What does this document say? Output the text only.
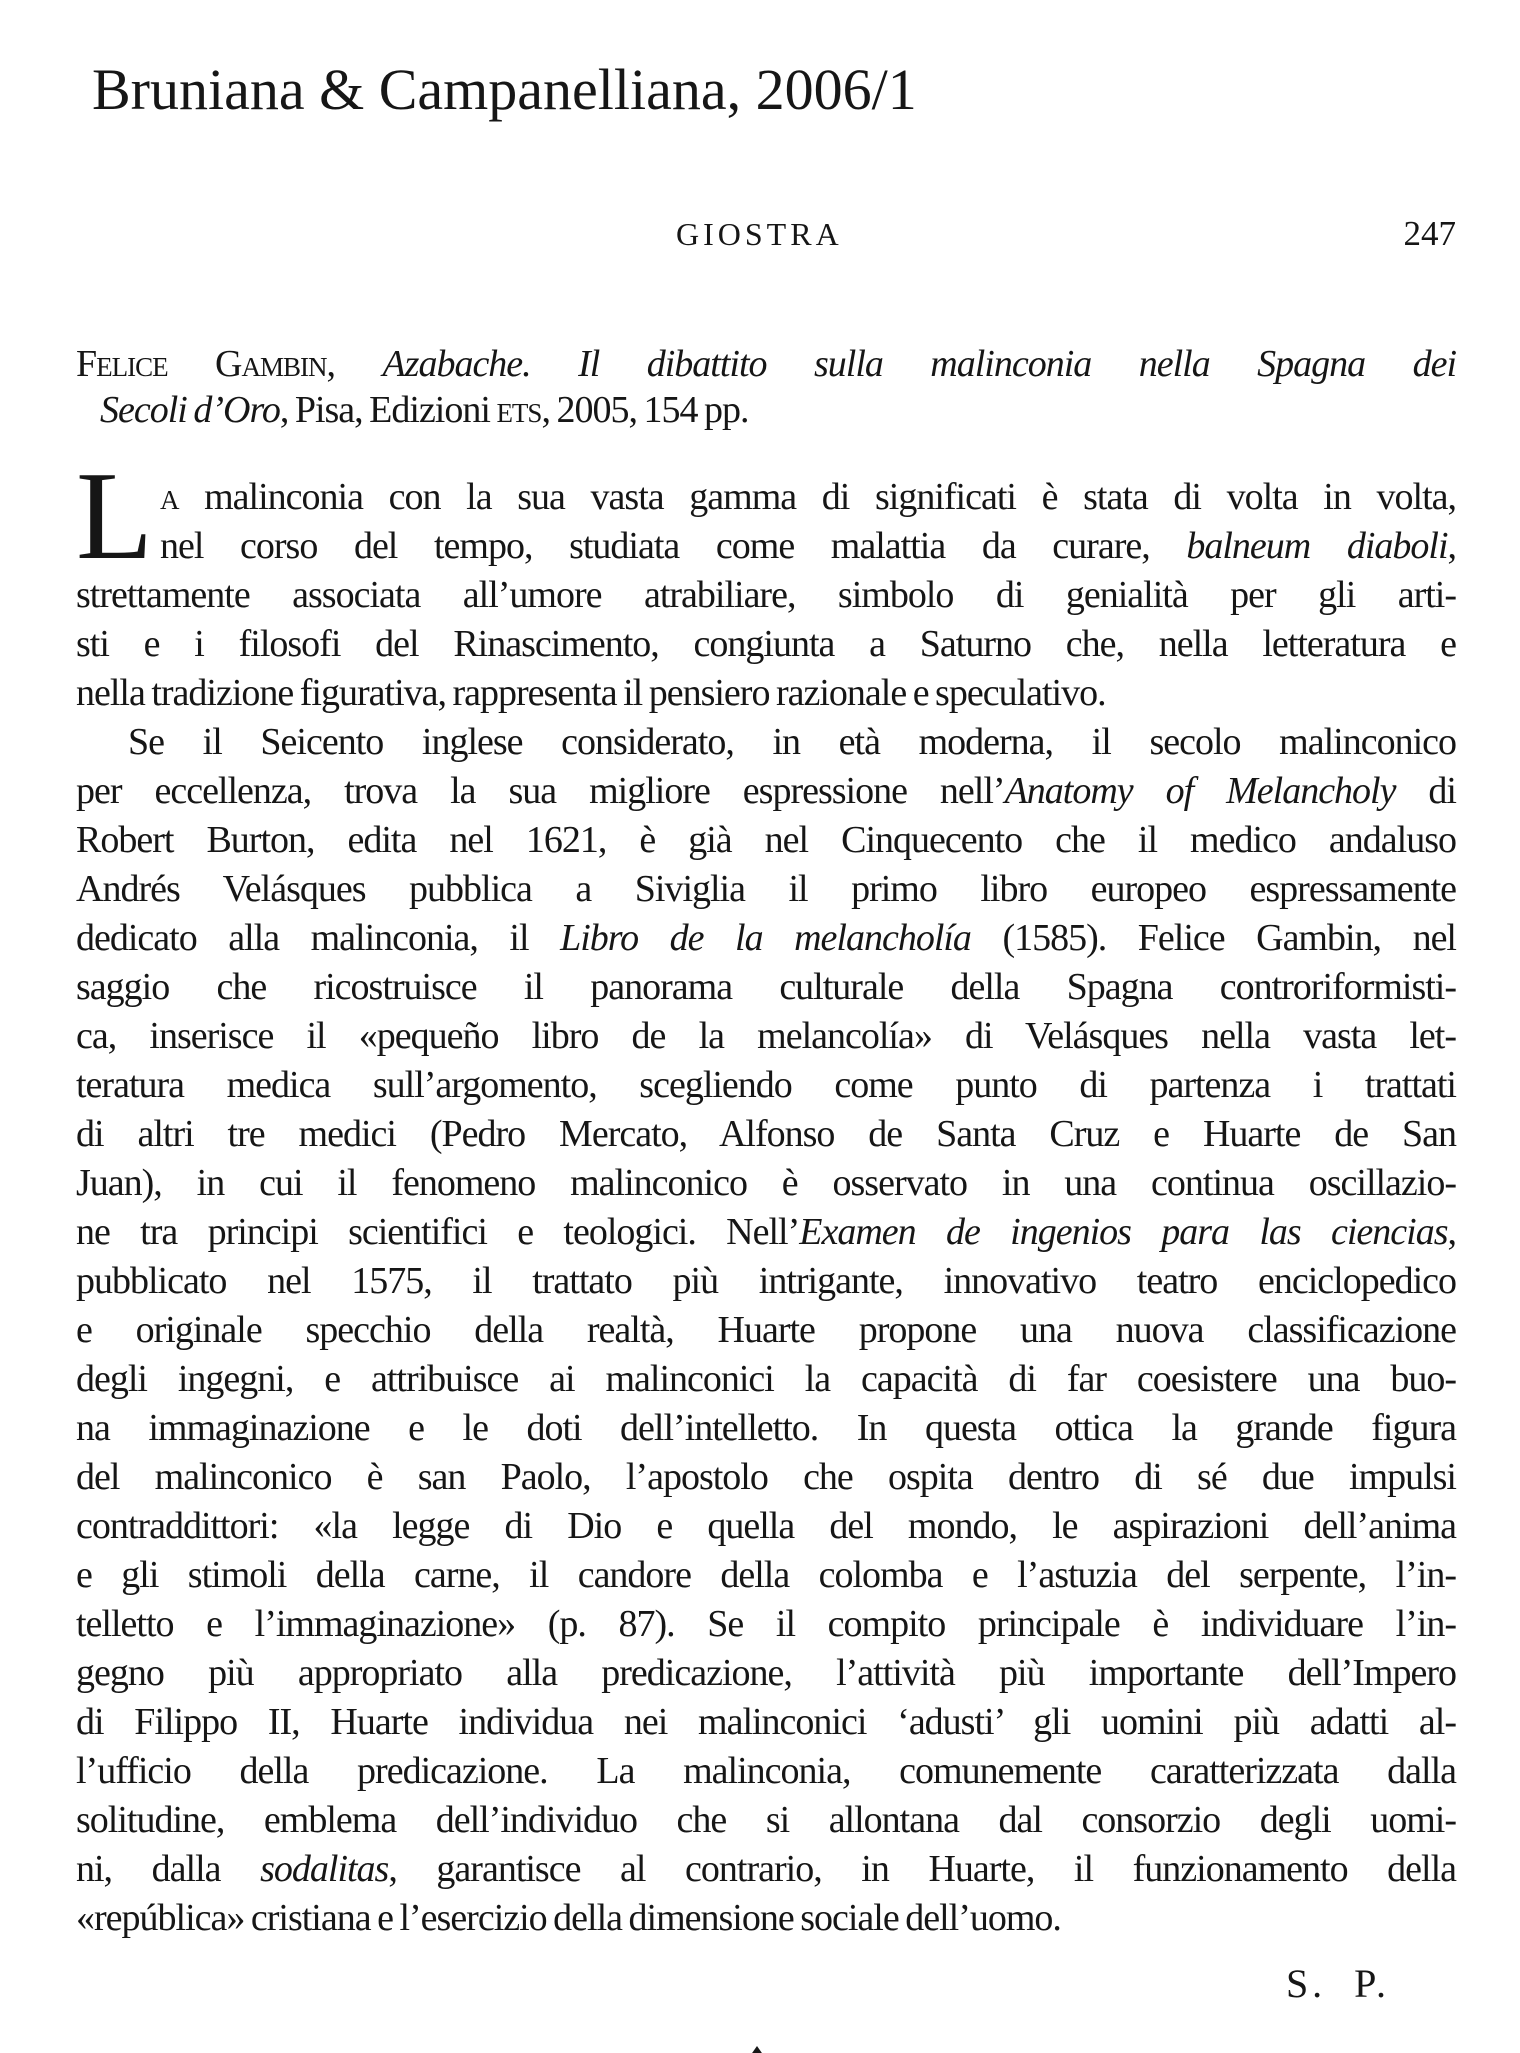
Bruniana & Campanelliana, 2006/1
GIOSTRA	247
Felice Gambin, Azabache. Il dibattito sulla malinconia nella Spagna dei
Secoli d’Oro, Pisa, Edizioni ets, 2005, 154 pp.
L a malinconia con la sua vasta gamma di significati è stata di volta in volta,
nel corso del tempo, studiata come malattia da curare, balneum diaboli,
strettamente associata all’umore atrabiliare, simbolo di genialità per gli arti-
sti e i filosofi del Rinascimento, congiunta a Saturno che, nella letteratura e
nella tradizione figurativa, rappresenta il pensiero razionale e speculativo.
Se il Seicento inglese considerato, in età moderna, il secolo malinconico
per eccellenza, trova la sua migliore espressione nell’Anatomy of Melancholy di
Robert Burton, edita nel 1621, è già nel Cinquecento che il medico andaluso
Andrés Velásques pubblica a Siviglia il primo libro europeo espressamente
dedicato alla malinconia, il Libro de la melancholía (1585). Felice Gambin, nel
saggio che ricostruisce il panorama culturale della Spagna controriformisti-
ca, inserisce il «pequeño libro de la melancolía» di Velásques nella vasta let-
teratura medica sull’argomento, scegliendo come punto di partenza i trattati
di altri tre medici (Pedro Mercato, Alfonso de Santa Cruz e Huarte de San
Juan), in cui il fenomeno malinconico è osservato in una continua oscillazio-
ne tra principi scientifici e teologici. Nell’Examen de ingenios para las ciencias,
pubblicato nel 1575, il trattato più intrigante, innovativo teatro enciclopedico
e originale specchio della realtà, Huarte propone una nuova classificazione
degli ingegni, e attribuisce ai malinconici la capacità di far coesistere una buo-
na immaginazione e le doti dell’intelletto. In questa ottica la grande figura
del malinconico è san Paolo, l’apostolo che ospita dentro di sé due impulsi
contraddittori: «la legge di Dio e quella del mondo, le aspirazioni dell’anima
e gli stimoli della carne, il candore della colomba e l’astuzia del serpente, l’in-
telletto e l’immaginazione» (p. 87). Se il compito principale è individuare l’in-
gegno più appropriato alla predicazione, l’attività più importante dell’Impero
di Filippo II, Huarte individua nei malinconici ‘adusti’ gli uomini più adatti al-
l’ufficio della predicazione. La malinconia, comunemente caratterizzata dalla
solitudine, emblema dell’individuo che si allontana dal consorzio degli uomi-
ni, dalla sodalitas, garantisce al contrario, in Huarte, il funzionamento della
«república» cristiana e l’esercizio della dimensione sociale dell’uomo.
S. P.
